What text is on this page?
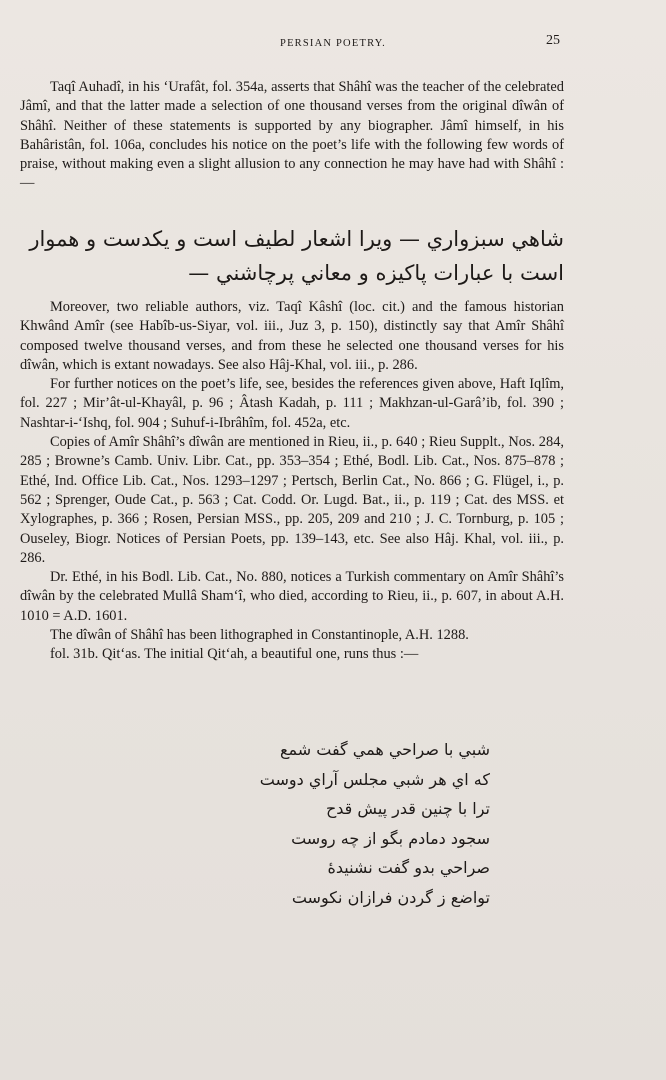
PERSIAN POETRY.	25

Taqî Auhadî, in his ‘Urafât, fol. 354a, asserts that Shâhî was the teacher of the celebrated Jâmî, and that the latter made a selection of one thousand verses from the original dîwân of Shâhî. Neither of these statements is supported by any biographer. Jâmî himself, in his Bahâristân, fol. 106a, concludes his notice on the poet’s life with the following few words of praise, without making even a slight allusion to any connection he may have had with Shâhî :—

شاهي سبزواري — ويرا اشعار لطيف است و يكدست و هموار

است با عبارات پاكيزه و معاني پرچاشني —

Moreover, two reliable authors, viz. Taqî Kâshî (loc. cit.) and the famous historian Khwând Amîr (see Habîb-us-Siyar, vol. iii., Juz 3, p. 150), distinctly say that Amîr Shâhî composed twelve thousand verses, and from these he selected one thousand verses for his dîwân, which is extant nowadays. See also Hâj-Khal, vol. iii., p. 286.

For further notices on the poet’s life, see, besides the references given above, Haft Iqlîm, fol. 227 ; Mir’ât-ul-Khayâl, p. 96 ; Âtash Kadah, p. 111 ; Makhzan-ul-Garâ’ib, fol. 390 ; Nashtar-i-‘Ishq, fol. 904 ; Suhuf-i-Ibrâhîm, fol. 452a, etc.

Copies of Amîr Shâhî’s dîwân are mentioned in Rieu, ii., p. 640 ; Rieu Supplt., Nos. 284, 285 ; Browne’s Camb. Univ. Libr. Cat., pp. 353–354 ; Ethé, Bodl. Lib. Cat., Nos. 875–878 ; Ethé, Ind. Office Lib. Cat., Nos. 1293–1297 ; Pertsch, Berlin Cat., No. 866 ; G. Flügel, i., p. 562 ; Sprenger, Oude Cat., p. 563 ; Cat. Codd. Or. Lugd. Bat., ii., p. 119 ; Cat. des MSS. et Xylographes, p. 366 ; Rosen, Persian MSS., pp. 205, 209 and 210 ; J. C. Tornburg, p. 105 ; Ouseley, Biogr. Notices of Persian Poets, pp. 139–143, etc. See also Hâj. Khal, vol. iii., p. 286.

Dr. Ethé, in his Bodl. Lib. Cat., No. 880, notices a Turkish commentary on Amîr Shâhî’s dîwân by the celebrated Mullâ Sham‘î, who died, according to Rieu, ii., p. 607, in about A.H. 1010 = A.D. 1601.

The dîwân of Shâhî has been lithographed in Constantinople, A.H. 1288.

fol. 31b. Qit‘as. The initial Qit‘ah, a beautiful one, runs thus :—

شبي با صراحي همي گفت شمع

كه اي هر شبي مجلس آراي دوست

ترا با چنين قدر پيش قدح

سجود دمادم بگو از چه روست

صراحي بدو گفت نشنيدهٔ

تواضع ز گردن فرازان نكوست
